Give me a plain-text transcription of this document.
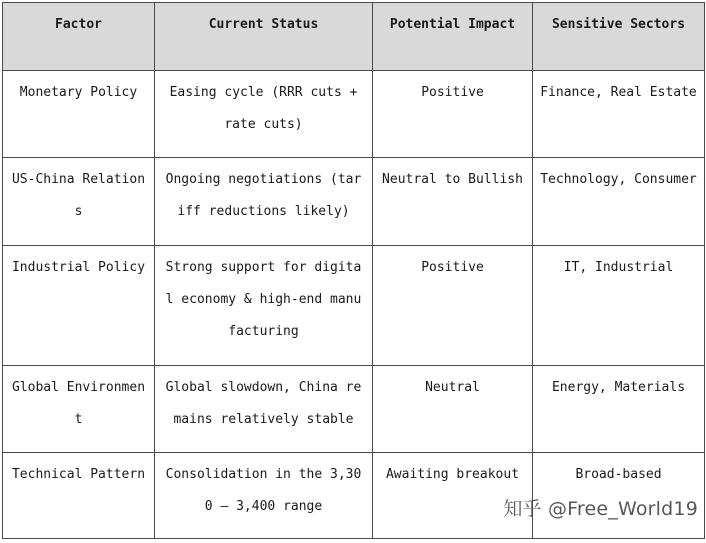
Factor	Current Status	Potential Impact	Sensitive Sectors
Monetary Policy	Easing cycle (RRR cuts + rate cuts)	Positive	Finance, Real Estate
US-China Relations	Ongoing negotiations (tariff reductions likely)	Neutral to Bullish	Technology, Consumer
Industrial Policy	Strong support for digital economy & high-end manufacturing	Positive	IT, Industrial
Global Environment	Global slowdown, China remains relatively stable	Neutral	Energy, Materials
Technical Pattern	Consolidation in the 3,300 – 3,400 range	Awaiting breakout	Broad-based
知乎 @Free_World19
